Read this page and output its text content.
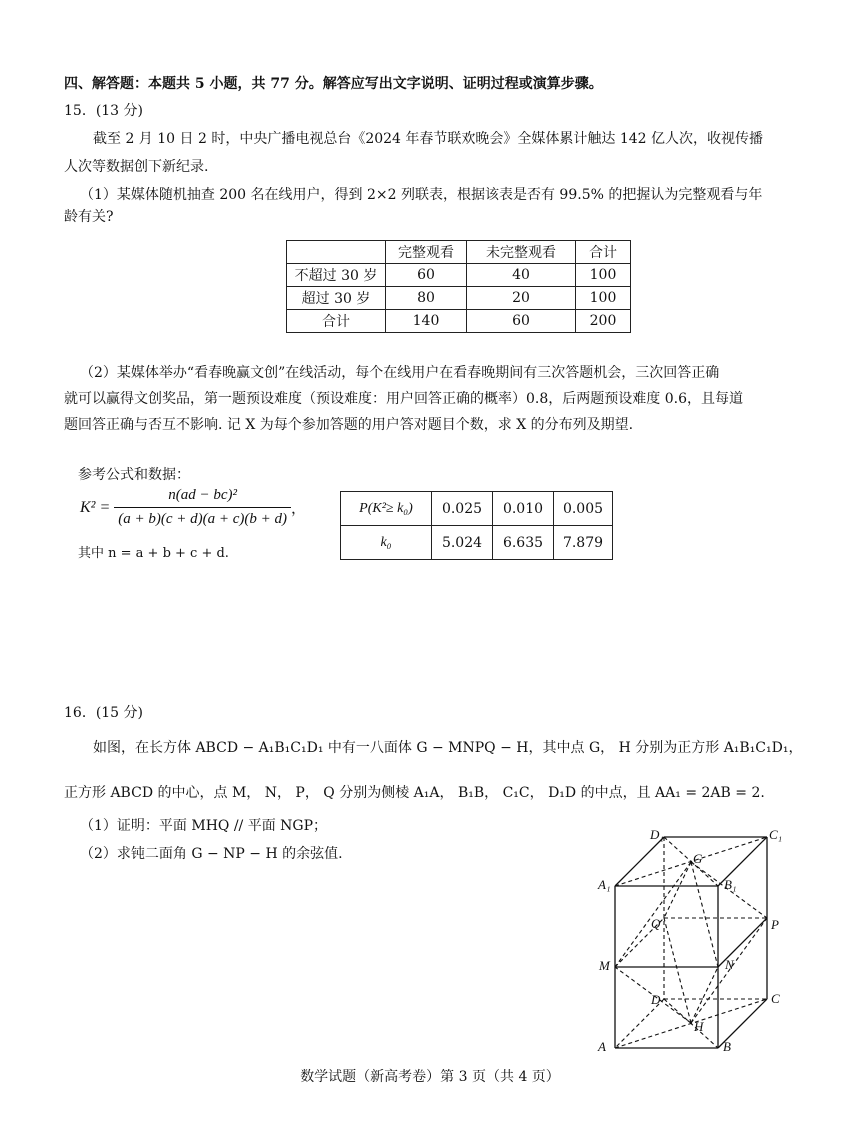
四、解答题：本题共 5 小题，共 77 分。解答应写出文字说明、证明过程或演算步骤。
15．(13 分)
截至 2 月 10 日 2 时，中央广播电视总台《2024 年春节联欢晚会》全媒体累计触达 142 亿人次，收视传播
人次等数据创下新纪录.
（1）某媒体随机抽查 200 名在线用户，得到 2×2 列联表，根据该表是否有 99.5% 的把握认为完整观看与年
龄有关?
	完整观看	未完整观看	合计
不超过 30 岁	60	40	100
超过 30 岁	80	20	100
合计	140	60	200
（2）某媒体举办“看春晚赢文创”在线活动，每个在线用户在看春晚期间有三次答题机会，三次回答正确
就可以赢得文创奖品，第一题预设难度（预设难度：用户回答正确的概率）0.8，后两题预设难度 0.6，且每道
题回答正确与否互不影响. 记 X 为每个参加答题的用户答对题目个数，求 X 的分布列及期望.
参考公式和数据：
$K^2 = \frac{\text{n(ad − bc)²}}{(a + b)(c + d)(a + c)(b + d)}$ ，
其中 n = a + b + c + d.
P(K²≥ k₀)	0.025	0.010	0.005
k₀	5.024	6.635	7.879
16．(15 分)
如图，在长方体 ABCD − A₁B₁C₁D₁ 中有一八面体 G − MNPQ − H，其中点 G， H 分别为正方形 A₁B₁C₁D₁，
正方形 ABCD 的中心，点 M， N， P， Q 分别为侧棱 A₁A， B₁B， C₁C， D₁D 的中点，且 AA₁ = 2AB = 2.
（1）证明：平面 MHQ // 平面 NGP；
（2）求钝二面角 G − NP − H 的余弦值.
D₁	C₁
A₁	B₁
G
Q	P
M	N
D	C
H
A	B
数学试题（新高考卷）第 3 页（共 4 页）
